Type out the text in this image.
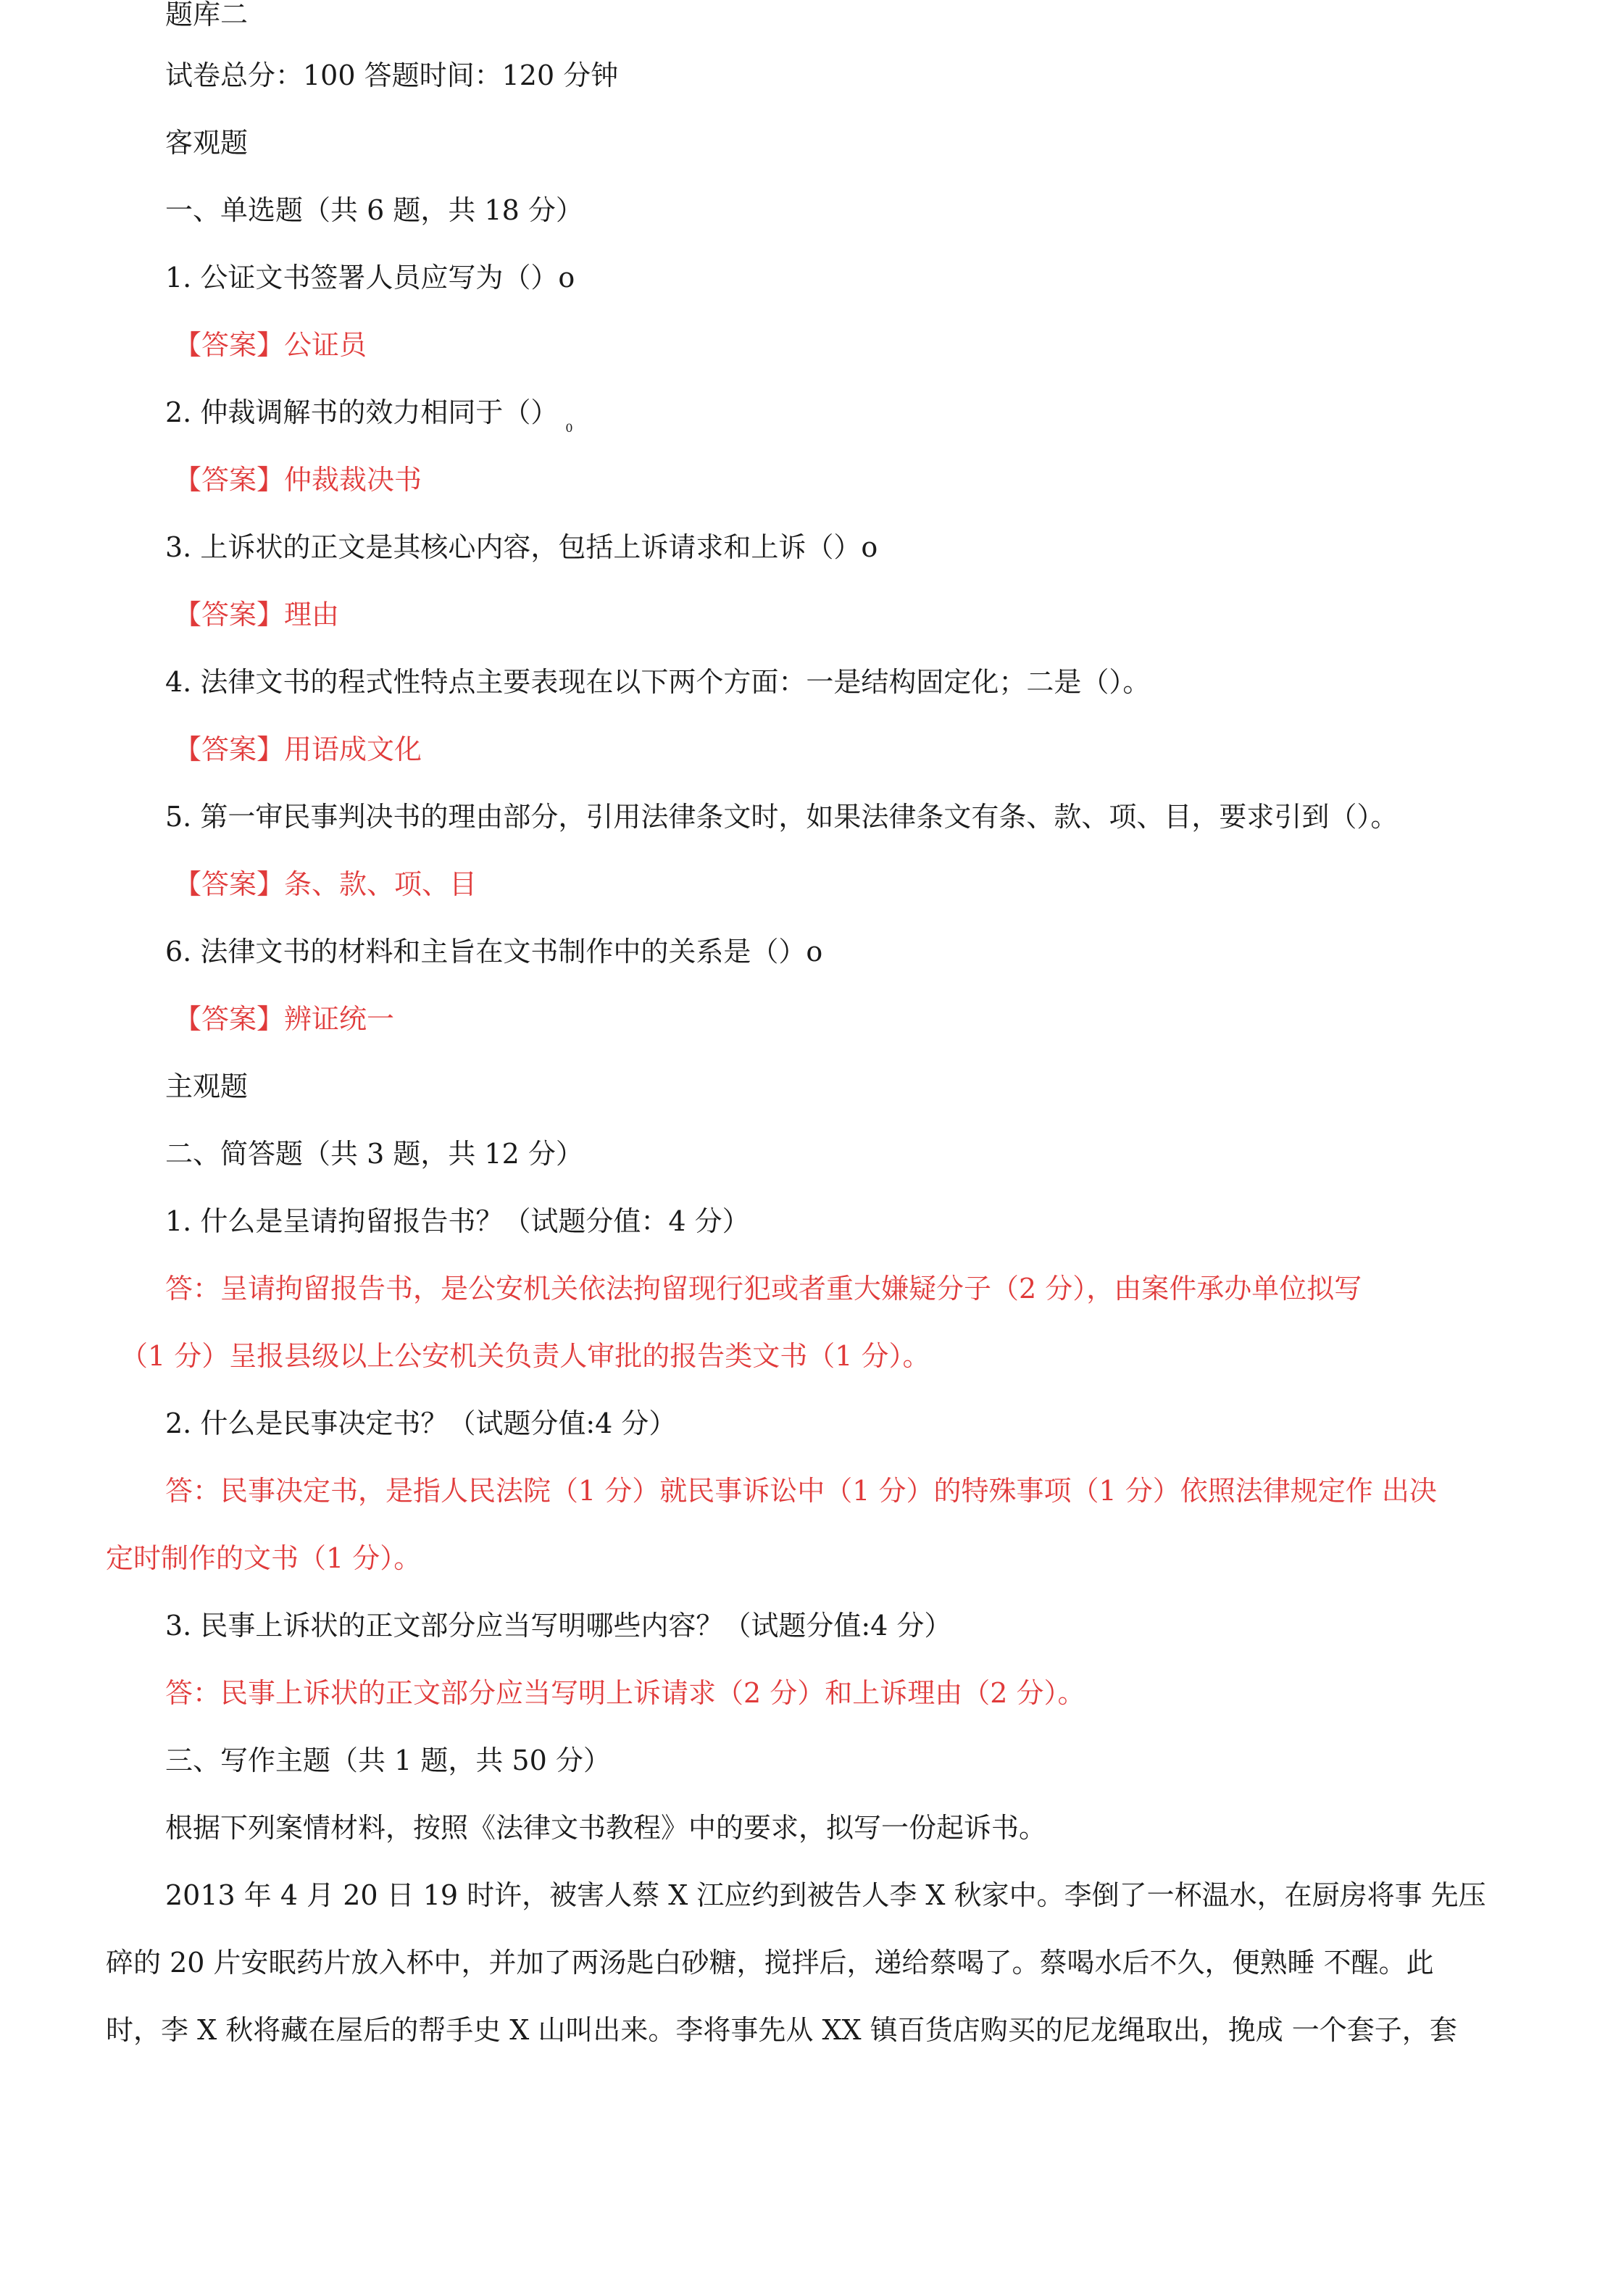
题库二
试卷总分：100 答题时间：120 分钟
客观题
一、单选题（共 6 题，共 18 分）
1. 公证文书签署人员应写为（）o
【答案】公证员
2. 仲裁调解书的效力相同于（） $_0$
【答案】仲裁裁决书
3. 上诉状的正文是其核心内容，包括上诉请求和上诉（）o
【答案】理由
4. 法律文书的程式性特点主要表现在以下两个方面：一是结构固定化；二是（）。
【答案】用语成文化
5. 第一审民事判决书的理由部分，引用法律条文时，如果法律条文有条、款、项、目，要求引到（）。
【答案】条、款、项、目
6. 法律文书的材料和主旨在文书制作中的关系是（）o
【答案】辨证统一
主观题
二、简答题（共 3 题，共 12 分）
1. 什么是呈请拘留报告书？（试题分值：4 分）
答：呈请拘留报告书，是公安机关依法拘留现行犯或者重大嫌疑分子（2 分），由案件承办单位拟写
（1 分）呈报县级以上公安机关负责人审批的报告类文书（1 分）。
2. 什么是民事决定书？（试题分值:4 分）
答：民事决定书，是指人民法院（1 分）就民事诉讼中（1 分）的特殊事项（1 分）依照法律规定作 出决
定时制作的文书（1 分）。
3. 民事上诉状的正文部分应当写明哪些内容？（试题分值:4 分）
答：民事上诉状的正文部分应当写明上诉请求（2 分）和上诉理由（2 分）。
三、写作主题（共 1 题，共 50 分）
根据下列案情材料，按照《法律文书教程》中的要求，拟写一份起诉书。
2013 年 4 月 20 日 19 时许，被害人蔡 X 江应约到被告人李 X 秋家中。李倒了一杯温水，在厨房将事 先压
碎的 20 片安眠药片放入杯中，并加了两汤匙白砂糖，搅拌后，递给蔡喝了。蔡喝水后不久，便熟睡 不醒。此
时，李 X 秋将藏在屋后的帮手史 X 山叫出来。李将事先从 XX 镇百货店购买的尼龙绳取出，挽成 一个套子，套
